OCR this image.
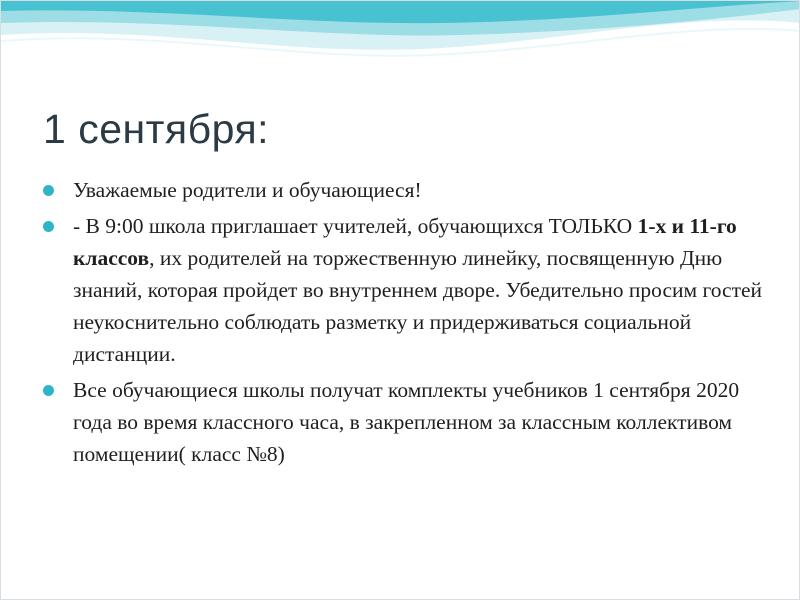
1 сентября:
Уважаемые родители и обучающиеся!
- В 9:00 школа приглашает учителей, обучающихся ТОЛЬКО 1-х и 11-го классов, их родителей на торжественную линейку, посвященную Дню знаний, которая пройдет во внутреннем дворе. Убедительно просим гостей неукоснительно соблюдать разметку и придерживаться социальной дистанции.
Все обучающиеся школы получат комплекты учебников 1 сентября 2020 года во время классного часа, в закрепленном за классным коллективом помещении( класс №8)
